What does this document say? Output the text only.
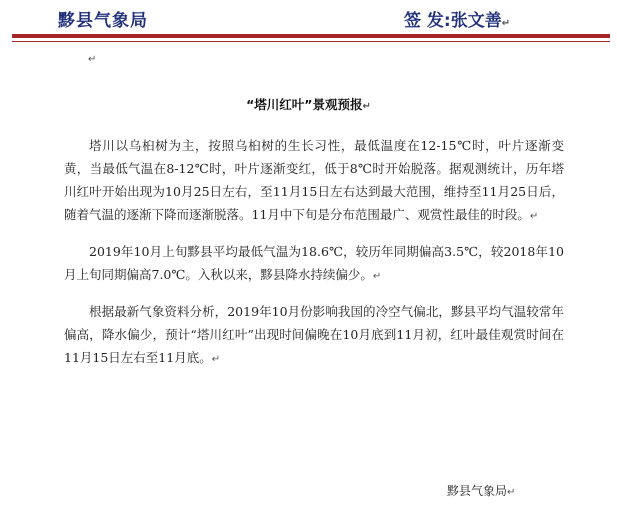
黟县气象局	签 发:张文善↵
↵
“塔川红叶”景观预报↵

塔川以乌桕树为主，按照乌桕树的生长习性，最低温度在12-15℃时，叶片逐渐变黄，当最低气温在8-12℃时，叶片逐渐变红，低于8℃时开始脱落。据观测统计，历年塔川红叶开始出现为10月25日左右，至11月15日左右达到最大范围，维持至11月25日后，随着气温的逐渐下降而逐渐脱落。11月中下旬是分布范围最广、观赏性最佳的时段。↵

2019年10月上旬黟县平均最低气温为18.6℃，较历年同期偏高3.5℃，较2018年10月上旬同期偏高7.0℃。入秋以来，黟县降水持续偏少。↵

根据最新气象资料分析，2019年10月份影响我国的冷空气偏北，黟县平均气温较常年偏高，降水偏少，预计“塔川红叶”出现时间偏晚在10月底到11月初，红叶最佳观赏时间在11月15日左右至11月底。↵

黟县气象局↵
